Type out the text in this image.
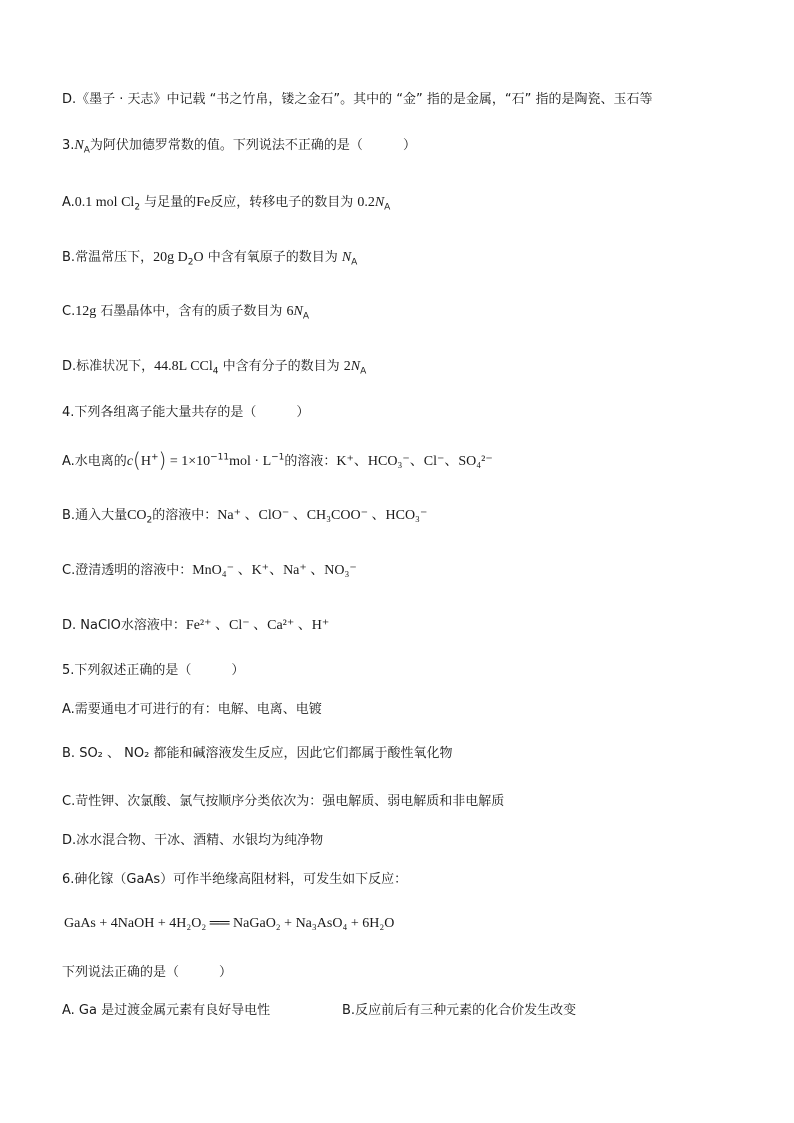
D.《墨子 · 天志》中记载 “书之竹帛，镂之金石”。其中的 “金” 指的是金属，“石” 指的是陶瓷、玉石等
$3.N_A$为阿伏加德罗常数的值。下列说法不正确的是（	）
A.0.1 mol $Cl_2$ 与足量的Fe反应，转移电子的数目为 $0.2N_A$
B.常温常压下，20g $D_2O$ 中含有氧原子的数目为 $N_A$
C.12g 石墨晶体中，含有的质子数目为 $6N_A$
D.标准状况下，44.8L CCl$_4$ 中含有分子的数目为 $2N_A$
4.下列各组离子能大量共存的是（	）
A.水电离的$c(H^+) = 1\times 10^{-11}mol \cdot L^{-1}$的溶液：K⁺、HCO₃⁻、Cl⁻、SO₄²⁻
B.通入大量$CO_2$的溶液中：Na⁺ 、ClO⁻ 、CH₃COO⁻ 、HCO₃⁻
C.澄清透明的溶液中：MnO₄⁻ 、K⁺、Na⁺ 、NO₃⁻
D. NaClO水溶液中：Fe²⁺ 、Cl⁻ 、Ca²⁺ 、H⁺
5.下列叙述正确的是（	）
A.需要通电才可进行的有：电解、电离、电镀
B. SO₂ 、 NO₂ 都能和碱溶液发生反应，因此它们都属于酸性氧化物
C.苛性钾、次氯酸、氯气按顺序分类依次为：强电解质、弱电解质和非电解质
D.冰水混合物、干冰、酒精、水银均为纯净物
6.砷化镓（GaAs）可作半绝缘高阻材料，可发生如下反应：
GaAs + 4NaOH + 4H₂O₂ ══ NaGaO₂ + Na₃AsO₄ + 6H₂O
下列说法正确的是（	）
A. Ga 是过渡金属元素有良好导电性	B.反应前后有三种元素的化合价发生改变
